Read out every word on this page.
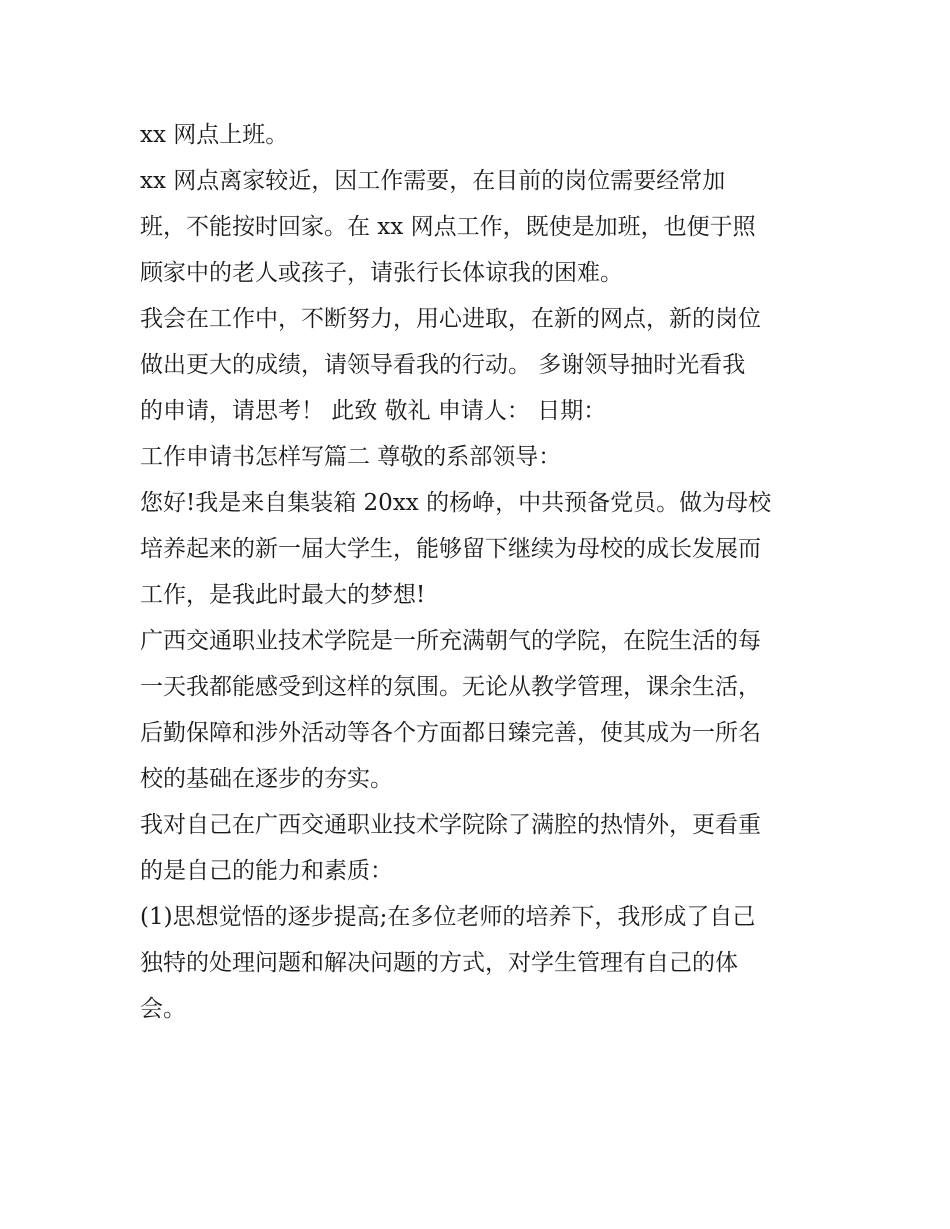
xx 网点上班。
xx 网点离家较近，因工作需要，在目前的岗位需要经常加
班，不能按时回家。在 xx 网点工作，既使是加班，也便于照
顾家中的老人或孩子，请张行长体谅我的困难。
我会在工作中，不断努力，用心进取，在新的网点，新的岗位
做出更大的成绩，请领导看我的行动。 多谢领导抽时光看我
的申请，请思考！ 此致 敬礼 申请人： 日期：
工作申请书怎样写篇二 尊敬的系部领导：
您好!我是来自集装箱 20xx 的杨峥，中共预备党员。做为母校
培养起来的新一届大学生，能够留下继续为母校的成长发展而
工作，是我此时最大的梦想!
广西交通职业技术学院是一所充满朝气的学院，在院生活的每
一天我都能感受到这样的氛围。无论从教学管理，课余生活，
后勤保障和涉外活动等各个方面都日臻完善，使其成为一所名
校的基础在逐步的夯实。
我对自己在广西交通职业技术学院除了满腔的热情外，更看重
的是自己的能力和素质：
(1)思想觉悟的逐步提高;在多位老师的培养下，我形成了自己
独特的处理问题和解决问题的方式，对学生管理有自己的体
会。
